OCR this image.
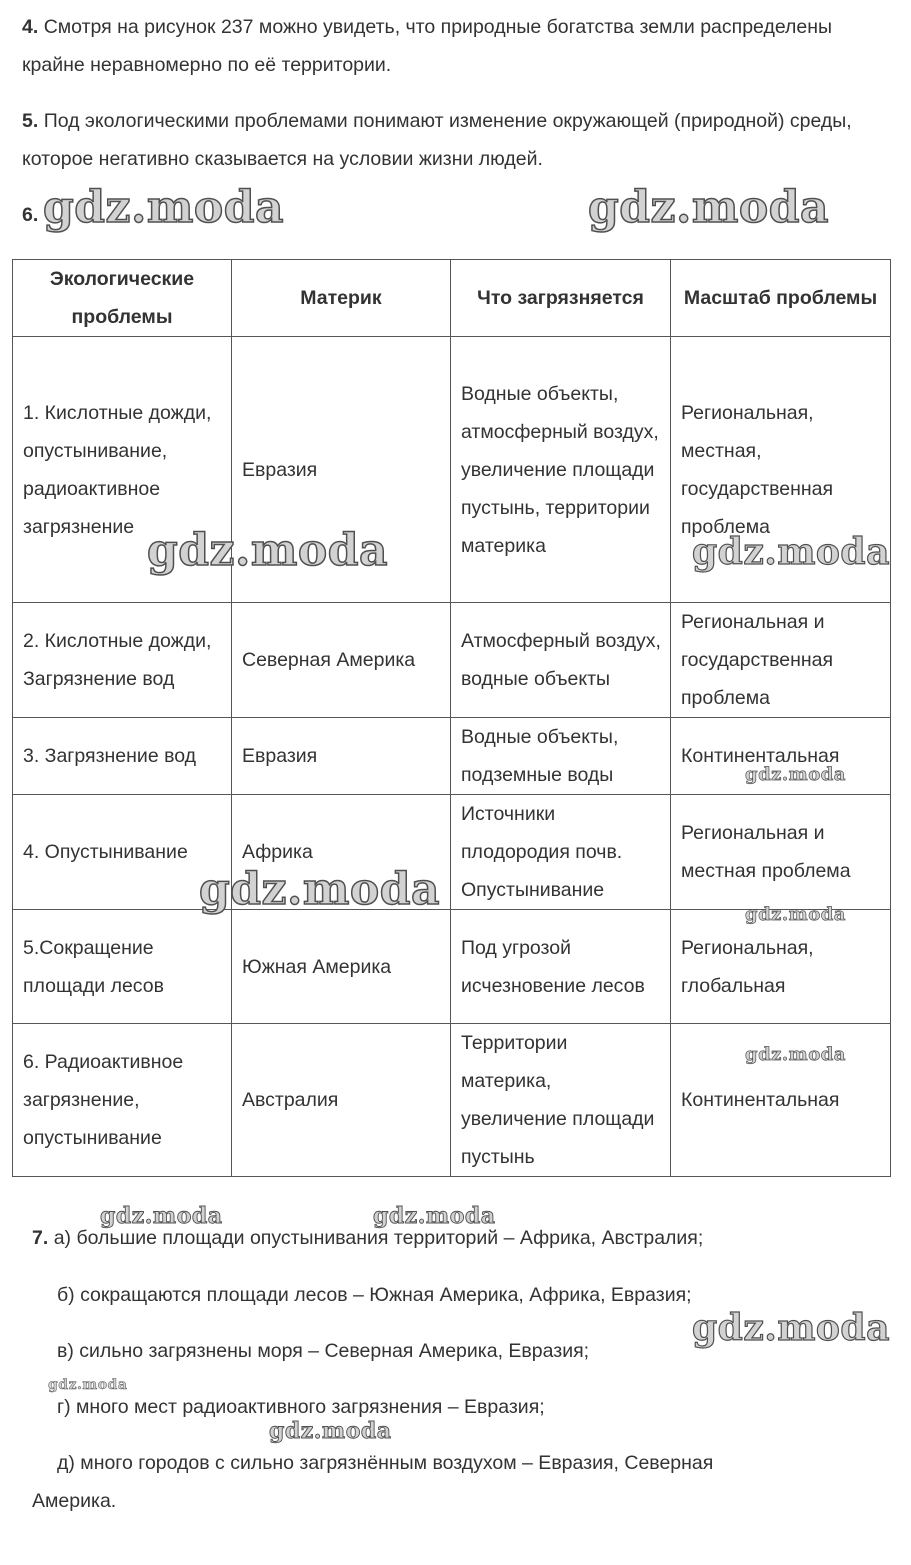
4. Смотря на рисунок 237 можно увидеть, что природные богатства земли распределены крайне неравномерно по её территории.

5. Под экологическими проблемами понимают изменение окружающей (природной) среды, которое негативно сказывается на условии жизни людей.

6.

Экологические проблемы	Материк	Что загрязняется	Масштаб проблемы
1. Кислотные дожди, опустынивание, радиоактивное загрязнение	Евразия	Водные объекты, атмосферный воздух, увеличение площади пустынь, территории материка	Региональная, местная, государственная проблема
2. Кислотные дожди, Загрязнение вод	Северная Америка	Атмосферный воздух, водные объекты	Региональная и государственная проблема
3. Загрязнение вод	Евразия	Водные объекты, подземные воды	Континентальная
4. Опустынивание	Африка	Источники плодородия почв. Опустынивание	Региональная и местная проблема
5.Сокращение площади лесов	Южная Америка	Под угрозой исчезновение лесов	Региональная, глобальная
6. Радиоактивное загрязнение, опустынивание	Австралия	Территории материка, увеличение площади пустынь	Континентальная

7. а) большие площади опустынивания территорий – Африка, Австралия;

б) сокращаются площади лесов – Южная Америка, Африка, Евразия;

в) сильно загрязнены моря – Северная Америка, Евразия;

г) много мест радиоактивного загрязнения – Евразия;

д) много городов с сильно загрязнённым воздухом – Евразия, Северная

Америка.

gdz.moda	gdz.moda
gdz.moda	gdz.moda
gdz.moda
gdz.moda	gdz.moda
gdz.moda
gdz.moda	gdz.moda
gdz.moda
gdz.moda
gdz.moda
